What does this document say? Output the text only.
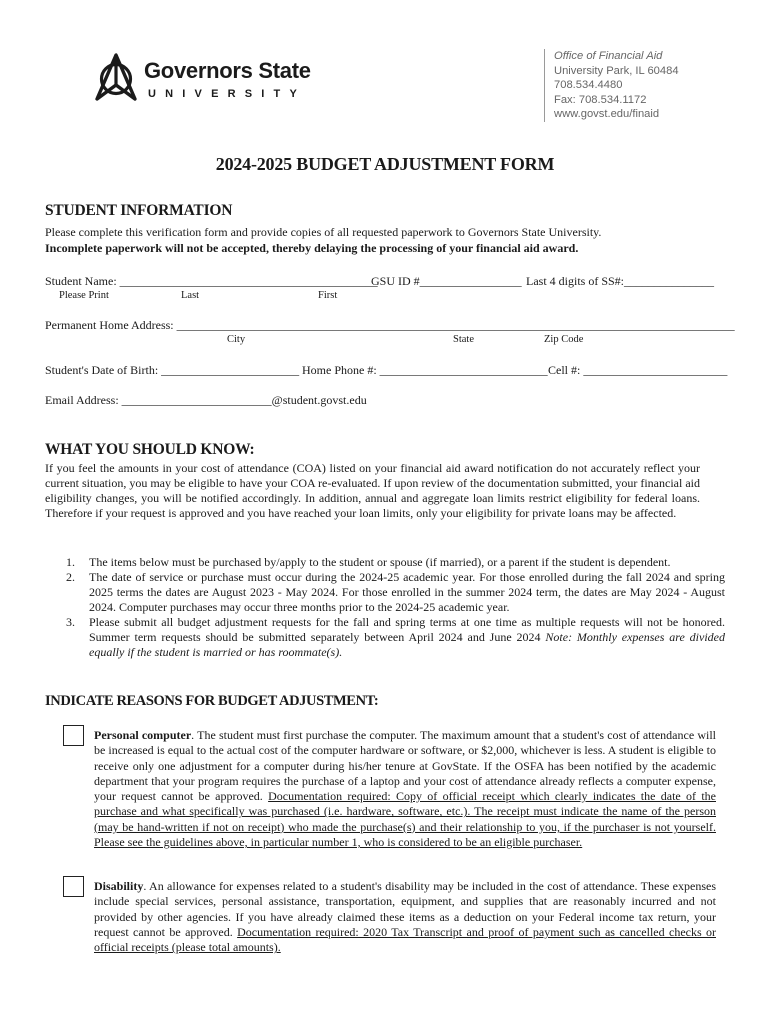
Governors State
UNIVERSITY
Office of Financial Aid
University Park, IL 60484
708.534.4480
Fax: 708.534.1172
www.govst.edu/finaid
2024-2025 BUDGET ADJUSTMENT FORM
STUDENT INFORMATION
Please complete this verification form and provide copies of all requested paperwork to Governors State University.
Incomplete paperwork will not be accepted, thereby delaying the processing of your financial aid award.
Student Name: ___________________________________________
GSU ID #_________________ Last 4 digits of SS#:_______________
Please Print	Last	First
Permanent Home Address: _____________________________________________________________________________________________
City	State	Zip Code
Student's Date of Birth: _______________________ Home Phone #: ____________________________ Cell #: ________________________
Email Address: _________________________@student.govst.edu
WHAT YOU SHOULD KNOW:
If you feel the amounts in your cost of attendance (COA) listed on your financial aid award notification do not accurately reflect your current situation, you may be eligible to have your COA re-evaluated. If upon review of the documentation submitted, your financial aid eligibility changes, you will be notified accordingly. In addition, annual and aggregate loan limits restrict eligibility for federal loans. Therefore if your request is approved and you have reached your loan limits, only your eligibility for private loans may be affected.
1. The items below must be purchased by/apply to the student or spouse (if married), or a parent if the student is dependent.
2. The date of service or purchase must occur during the 2024-25 academic year. For those enrolled during the fall 2024 and spring 2025 terms the dates are August 2023 - May 2024. For those enrolled in the summer 2024 term, the dates are May 2024 - August 2024. Computer purchases may occur three months prior to the 2024-25 academic year.
3. Please submit all budget adjustment requests for the fall and spring terms at one time as multiple requests will not be honored. Summer term requests should be submitted separately between April 2024 and June 2024 Note: Monthly expenses are divided equally if the student is married or has roommate(s).
INDICATE REASONS FOR BUDGET ADJUSTMENT:
Personal computer. The student must first purchase the computer. The maximum amount that a student's cost of attendance will be increased is equal to the actual cost of the computer hardware or software, or $2,000, whichever is less. A student is eligible to receive only one adjustment for a computer during his/her tenure at GovState. If the OSFA has been notified by the academic department that your program requires the purchase of a laptop and your cost of attendance already reflects a computer expense, your request cannot be approved. Documentation required: Copy of official receipt which clearly indicates the date of the purchase and what specifically was purchased (i.e. hardware, software, etc.). The receipt must indicate the name of the person (may be hand-written if not on receipt) who made the purchase(s) and their relationship to you, if the purchaser is not yourself. Please see the guidelines above, in particular number 1, who is considered to be an eligible purchaser.
Disability. An allowance for expenses related to a student's disability may be included in the cost of attendance. These expenses include special services, personal assistance, transportation, equipment, and supplies that are reasonably incurred and not provided by other agencies. If you have already claimed these items as a deduction on your Federal income tax return, your request cannot be approved. Documentation required: 2020 Tax Transcript and proof of payment such as cancelled checks or official receipts (please total amounts).
